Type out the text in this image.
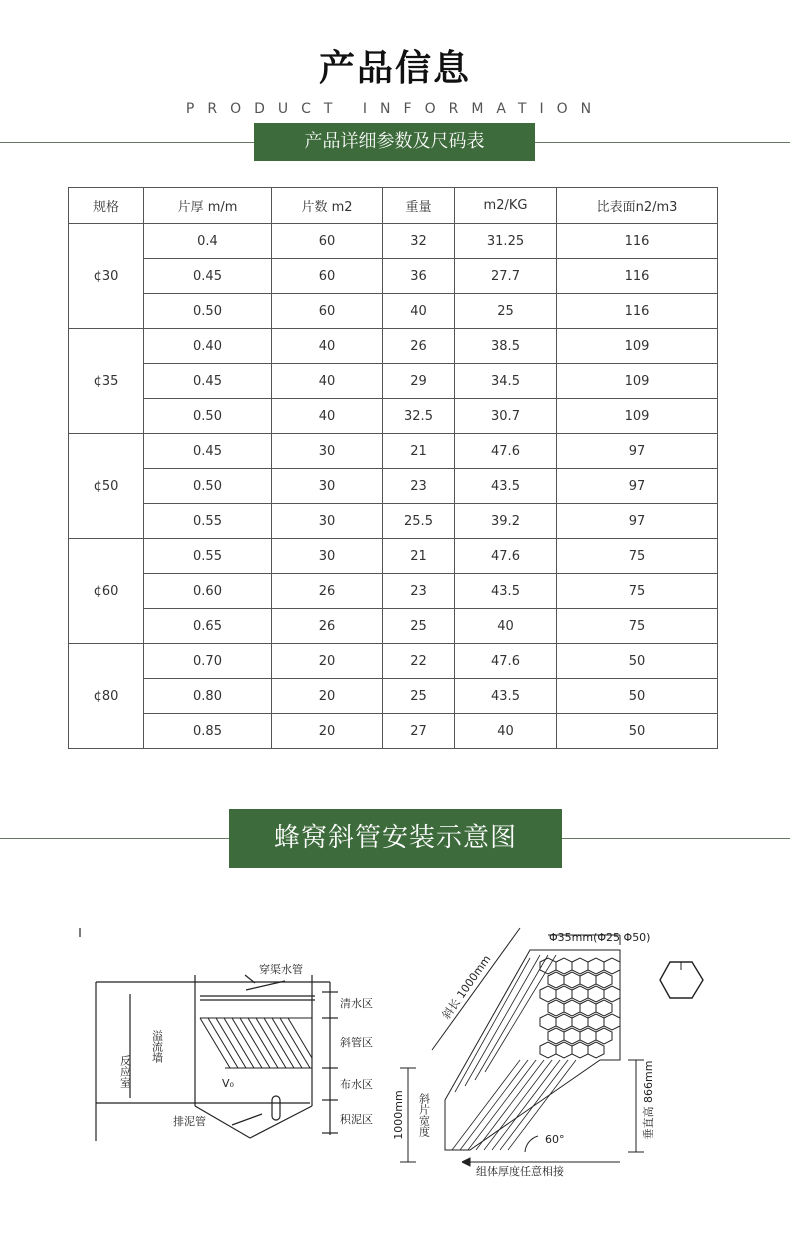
产品信息
PRODUCT INFORMATION
产品详细参数及尺码表
规格	片厚 m/m	片数 m2	重量	m2/KG	比表面n2/m3
¢30	0.4	60	32	31.25	116
	0.45	60	36	27.7	116
	0.50	60	40	25	116
¢35	0.40	40	26	38.5	109
	0.45	40	29	34.5	109
	0.50	40	32.5	30.7	109
¢50	0.45	30	21	47.6	97
	0.50	30	23	43.5	97
	0.55	30	25.5	39.2	97
¢60	0.55	30	21	47.6	75
	0.60	26	23	43.5	75
	0.65	26	25	40	75
¢80	0.70	20	22	47.6	50
	0.80	20	25	43.5	50
	0.85	20	27	40	50
蜂窝斜管安装示意图
穿渠水管
清水区
斜管区
布水区
积泥区
反应室
溢流墙
V₀
排泥管
Φ35mm(Φ25 Φ50)
斜长 1000mm
垂直高 866mm
1000mm 斜片宽度
60°
组体厚度任意相接
